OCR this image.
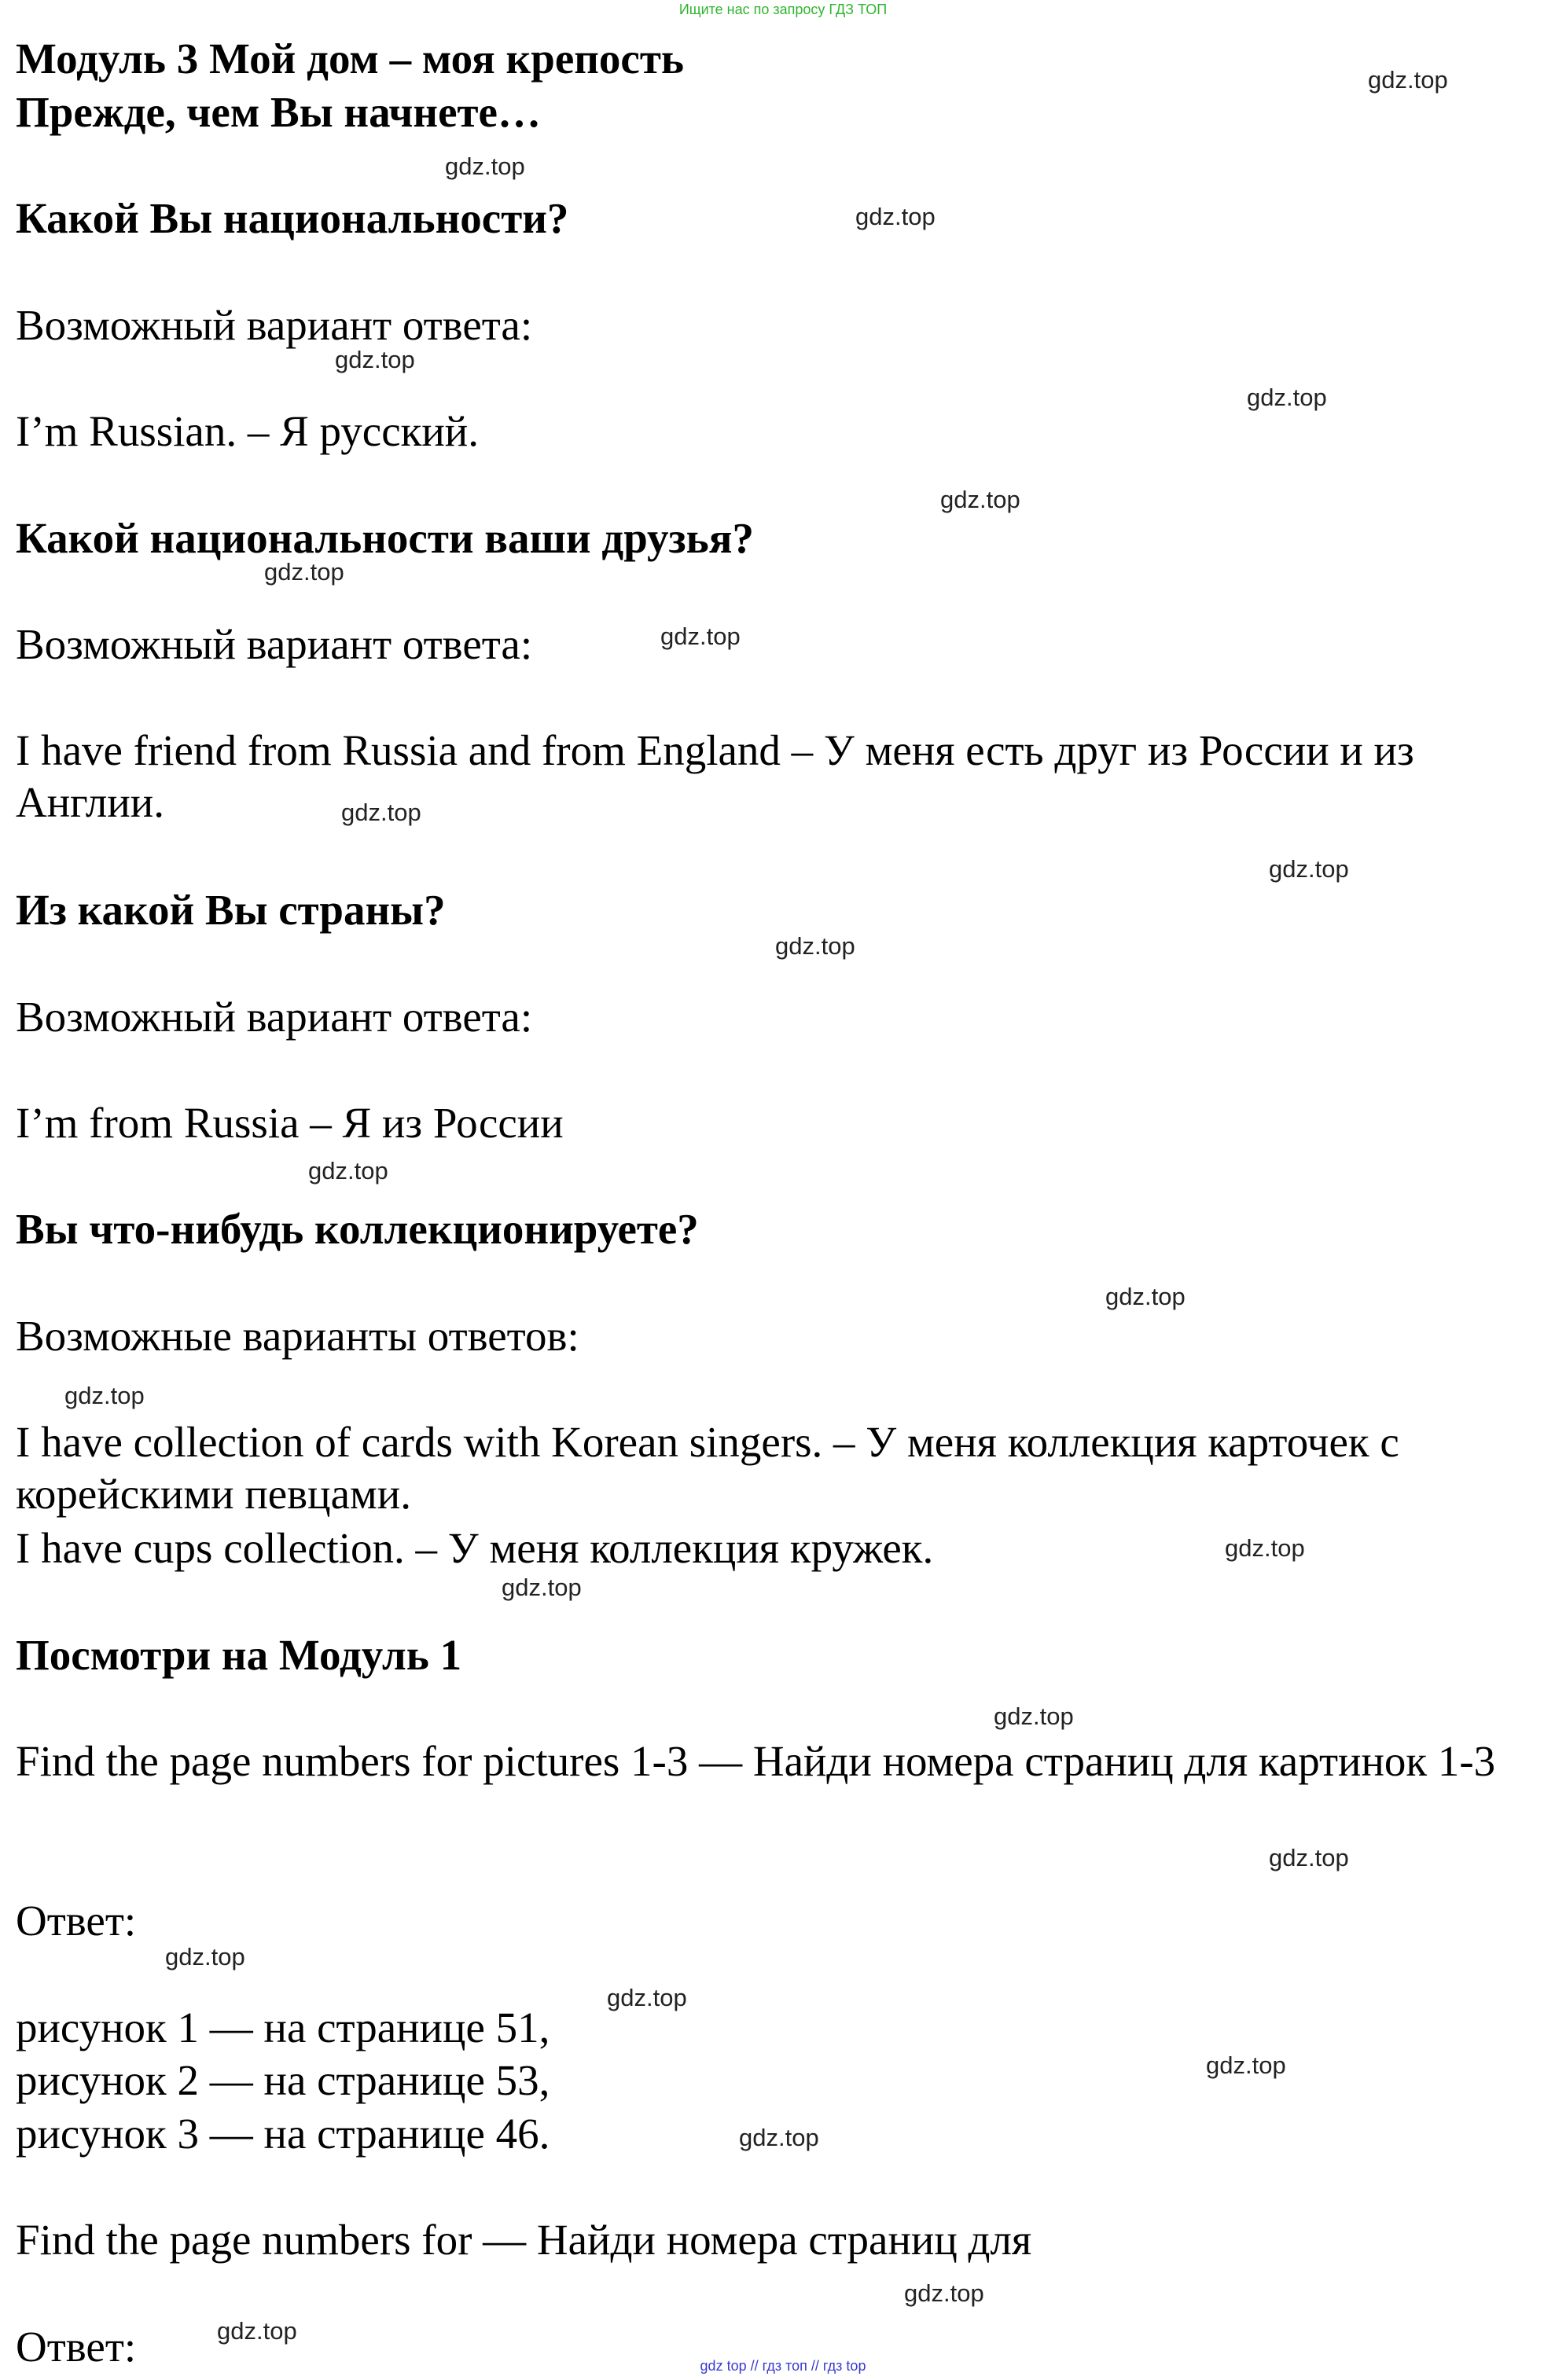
Ищите нас по запросу ГДЗ ТОП
Модуль 3 Мой дом – моя крепость
Прежде, чем Вы начнете…
Какой Вы национальности?
Возможный вариант ответа:
I’m Russian. – Я русский.
Какой национальности ваши друзья?
Возможный вариант ответа:
I have friend from Russia and from England – У меня есть друг из России и из Англии.
Из какой Вы страны?
Возможный вариант ответа:
I’m from Russia – Я из России
Вы что-нибудь коллекционируете?
Возможные варианты ответов:
I have collection of cards with Korean singers. – У меня коллекция карточек с корейскими певцами.
I have cups collection. – У меня коллекция кружек.
Посмотри на Модуль 1
Find the page numbers for pictures 1-3 — Найди номера страниц для картинок 1-3
Ответ:
рисунок 1 — на странице 51,
рисунок 2 — на странице 53,
рисунок 3 — на странице 46.
Find the page numbers for — Найди номера страниц для
Ответ:
gdz.top
gdz.top
gdz.top
gdz.top
gdz.top
gdz.top
gdz.top
gdz.top
gdz.top
gdz.top
gdz.top
gdz.top
gdz.top
gdz.top
gdz.top
gdz.top
gdz.top
gdz.top
gdz.top
gdz.top
gdz.top
gdz.top
gdz.top
gdz.top
gdz top // гдз топ // гдз top
